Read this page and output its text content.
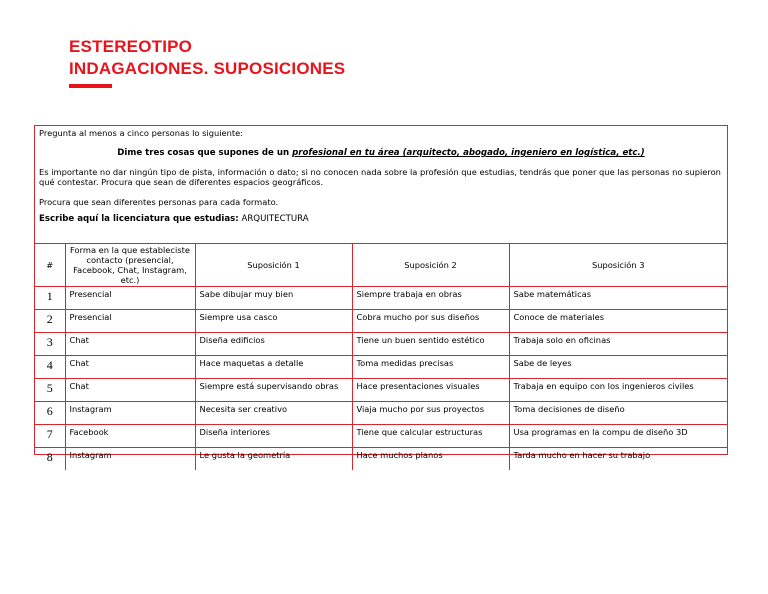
ESTEREOTIPO
INDAGACIONES. SUPOSICIONES

Pregunta al menos a cinco personas lo siguiente:

Dime tres cosas que supones de un profesional en tu área (arquitecto, abogado, ingeniero en logística, etc.)

Es importante no dar ningún tipo de pista, información o dato; si no conocen nada sobre la profesión que estudias, tendrás que poner que las personas no supieron qué contestar. Procura que sean de diferentes espacios geográficos.

Procura que sean diferentes personas para cada formato.

Escribe aquí la licenciatura que estudias: ARQUITECTURA

#	Forma en la que estableciste contacto (presencial, Facebook, Chat, Instagram, etc.)	Suposición 1	Suposición 2	Suposición 3
1	Presencial	Sabe dibujar muy bien	Siempre trabaja en obras	Sabe matemáticas
2	Presencial	Siempre usa casco	Cobra mucho por sus diseños	Conoce de materiales
3	Chat	Diseña edificios	Tiene un buen sentido estético	Trabaja solo en oficinas
4	Chat	Hace maquetas a detalle	Toma medidas precisas	Sabe de leyes
5	Chat	Siempre está supervisando obras	Hace presentaciones visuales	Trabaja en equipo con los ingenieros civiles
6	Instagram	Necesita ser creativo	Viaja mucho por sus proyectos	Toma decisiones de diseño
7	Facebook	Diseña interiores	Tiene que calcular estructuras	Usa programas en la compu de diseño 3D
8	Instagram	Le gusta la geometría	Hace muchos planos	Tarda mucho en hacer su trabajo
